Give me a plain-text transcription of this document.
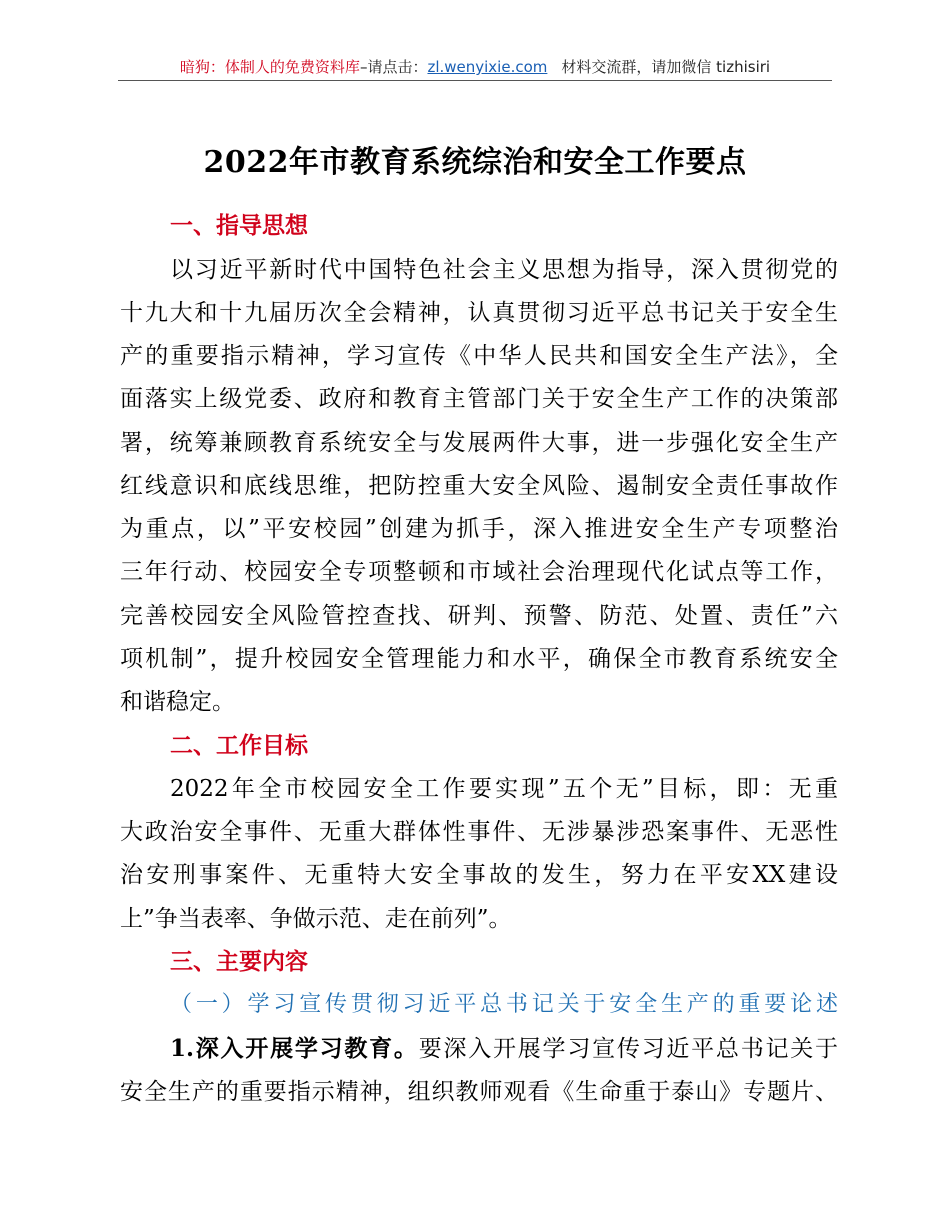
暗狗：体制人的免费资料库–请点击：zl.wenyixie.com 材料交流群，请加微信 tizhisiri
2022年市教育系统综治和安全工作要点
一、指导思想
以习近平新时代中国特色社会主义思想为指导，深入贯彻党的
十九大和十九届历次全会精神，认真贯彻习近平总书记关于安全生
产的重要指示精神，学习宣传《中华人民共和国安全生产法》，全
面落实上级党委、政府和教育主管部门关于安全生产工作的决策部
署，统筹兼顾教育系统安全与发展两件大事，进一步强化安全生产
红线意识和底线思维，把防控重大安全风险、遏制安全责任事故作
为重点，以”平安校园”创建为抓手，深入推进安全生产专项整治
三年行动、校园安全专项整顿和市域社会治理现代化试点等工作，
完善校园安全风险管控查找、研判、预警、防范、处置、责任”六
项机制”，提升校园安全管理能力和水平，确保全市教育系统安全
和谐稳定。
二、工作目标
2022年全市校园安全工作要实现”五个无”目标，即：无重
大政治安全事件、无重大群体性事件、无涉暴涉恐案事件、无恶性
治安刑事案件、无重特大安全事故的发生，努力在平安XX建设
上”争当表率、争做示范、走在前列”。
三、主要内容
（一）学习宣传贯彻习近平总书记关于安全生产的重要论述
1.深入开展学习教育。要深入开展学习宣传习近平总书记关于
安全生产的重要指示精神，组织教师观看《生命重于泰山》专题片、
